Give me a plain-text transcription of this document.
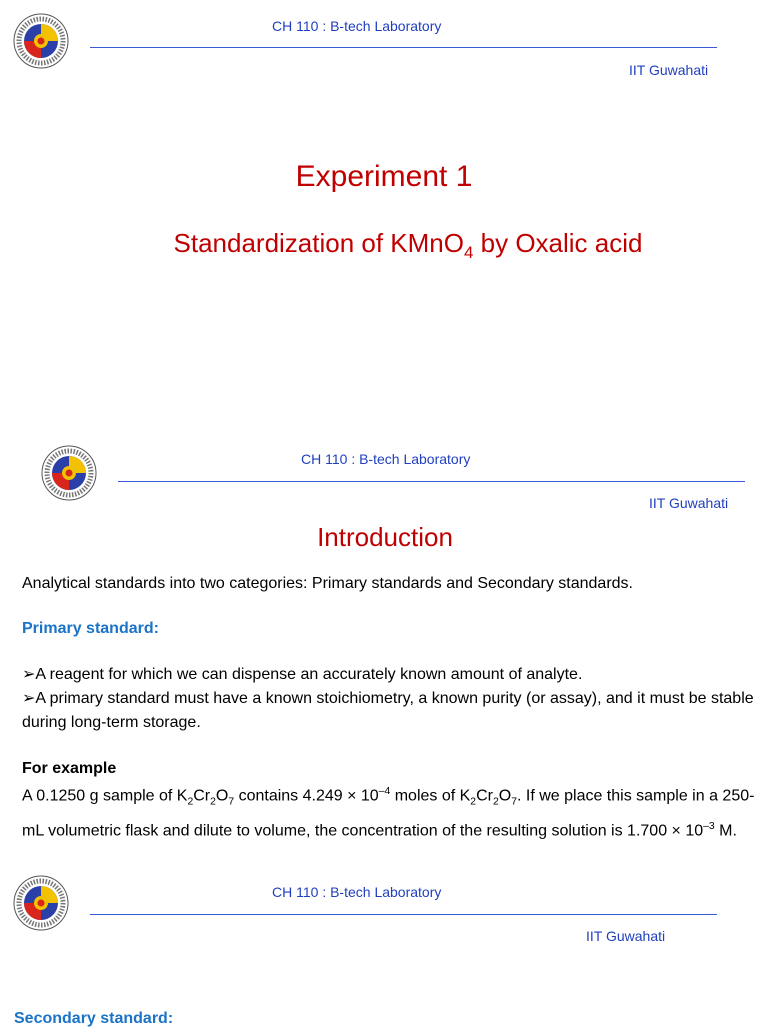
CH 110 : B-tech Laboratory
IIT Guwahati
Experiment 1
Standardization of KMnO$_4$ by Oxalic acid
CH 110 : B-tech Laboratory
IIT Guwahati
Introduction
Analytical standards into two categories: Primary standards and Secondary standards.
Primary standard:
➢A reagent for which we can dispense an accurately known amount of analyte.
➢A primary standard must have a known stoichiometry, a known purity (or assay), and it must be stable during long-term storage.
For example
A 0.1250 g sample of $K_2Cr_2O_7$ contains $4.249 \times 10^{-4}$ moles of $K_2Cr_2O_7$. If we place this sample in a 250-mL volumetric flask and dilute to volume, the concentration of the resulting solution is $1.700 \times 10^{-3}$ M.
CH 110 : B-tech Laboratory
IIT Guwahati
Secondary standard:
